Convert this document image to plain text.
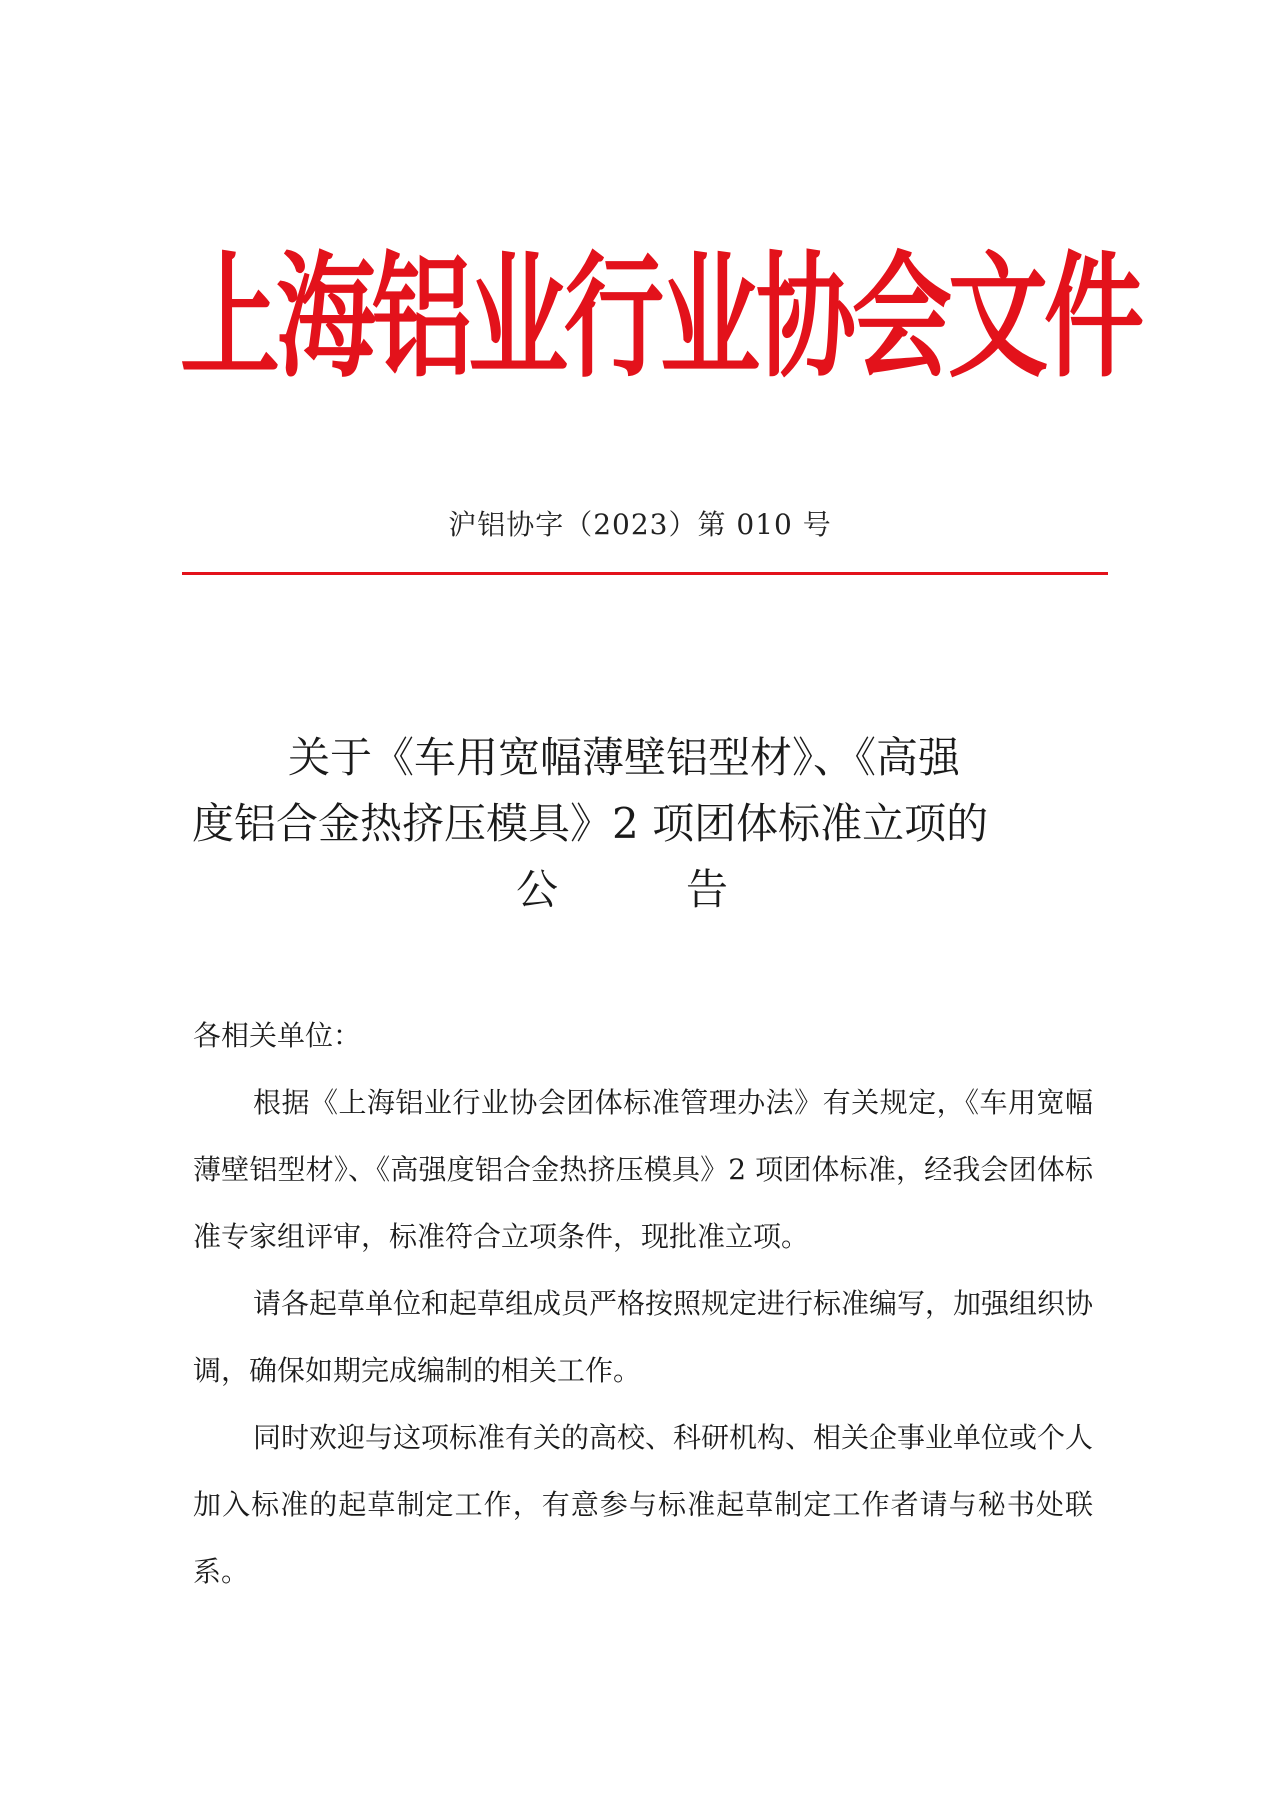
上海铝业行业协会文件
沪铝协字（2023）第 010 号
关于《车用宽幅薄壁铝型材》、《高强
度铝合金热挤压模具》2 项团体标准立项的
公	告

各相关单位：

根据《上海铝业行业协会团体标准管理办法》有关规定，《车用宽幅薄壁铝型材》、《高强度铝合金热挤压模具》2 项团体标准，经我会团体标准专家组评审，标准符合立项条件，现批准立项。

请各起草单位和起草组成员严格按照规定进行标准编写，加强组织协调，确保如期完成编制的相关工作。

同时欢迎与这项标准有关的高校、科研机构、相关企事业单位或个人加入标准的起草制定工作，有意参与标准起草制定工作者请与秘书处联系。
